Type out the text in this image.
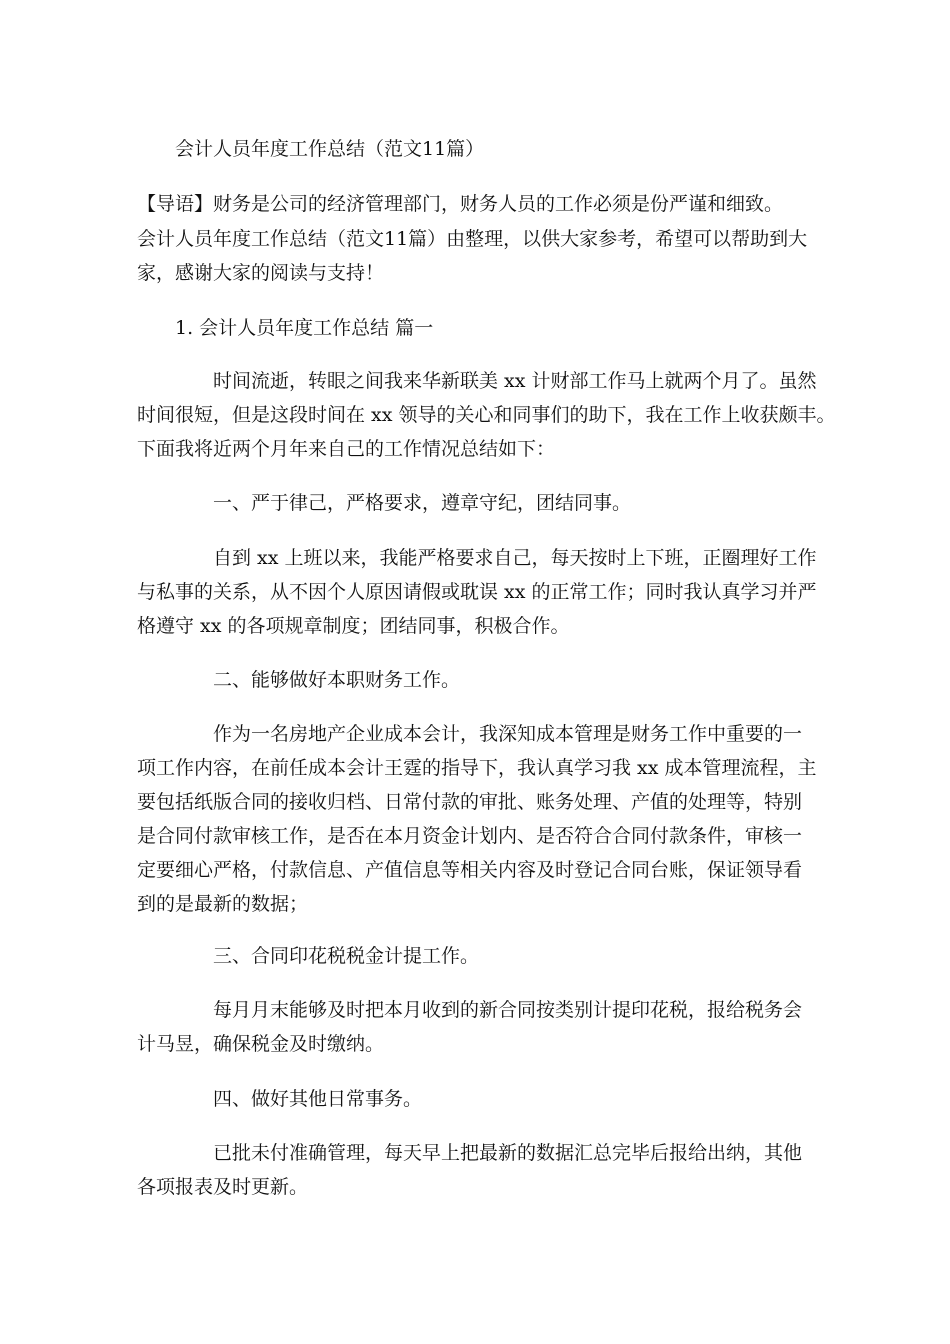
会计人员年度工作总结（范文11篇）
【导语】财务是公司的经济管理部门，财务人员的工作必须是份严谨和细致。
会计人员年度工作总结（范文11篇）由整理，以供大家参考，希望可以帮助到大
家，感谢大家的阅读与支持！
1. 会计人员年度工作总结 篇一
时间流逝，转眼之间我来华新联美 xx 计财部工作马上就两个月了。虽然
时间很短，但是这段时间在 xx 领导的关心和同事们的助下，我在工作上收获颇丰。
下面我将近两个月年来自己的工作情况总结如下：
一、严于律己，严格要求，遵章守纪，团结同事。
自到 xx 上班以来，我能严格要求自己，每天按时上下班，正圈理好工作
与私事的关系，从不因个人原因请假或耽误 xx 的正常工作；同时我认真学习并严
格遵守 xx 的各项规章制度；团结同事，积极合作。
二、能够做好本职财务工作。
作为一名房地产企业成本会计，我深知成本管理是财务工作中重要的一
项工作内容，在前任成本会计王霆的指导下，我认真学习我 xx 成本管理流程，主
要包括纸版合同的接收归档、日常付款的审批、账务处理、产值的处理等，特别
是合同付款审核工作，是否在本月资金计划内、是否符合合同付款条件，审核一
定要细心严格，付款信息、产值信息等相关内容及时登记合同台账，保证领导看
到的是最新的数据；
三、合同印花税税金计提工作。
每月月末能够及时把本月收到的新合同按类别计提印花税，报给税务会
计马昱，确保税金及时缴纳。
四、做好其他日常事务。
已批未付准确管理，每天早上把最新的数据汇总完毕后报给出纳，其他
各项报表及时更新。
